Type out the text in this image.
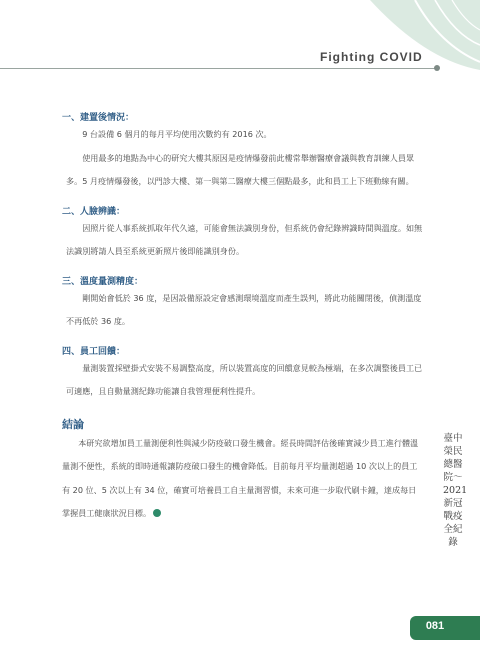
Fighting COVID

一、建置後情況：

9 台設備 6 個月的每月平均使用次數約有 2016 次。

使用最多的地點為中心的研究大樓其原因是疫情爆發前此樓常舉辦醫療會議與教育訓練人員眾多。5 月疫情爆發後，以門診大樓、第一與第二醫療大樓三個點最多，此和員工上下班動線有關。

二、人臉辨識：

因照片從人事系統抓取年代久遠，可能會無法識別身份，但系統仍會紀錄辨識時間與溫度。如無法識別將請人員至系統更新照片後即能識別身份。

三、溫度量測精度：

剛開始會低於 36 度，是因設備原設定會感測環境溫度而產生誤判，將此功能關閉後，偵測溫度不再低於 36 度。

四、員工回饋：

量測裝置採壁掛式安裝不易調整高度，所以裝置高度的回饋意見較為極端，在多次調整後員工已可適應，且自動量測紀錄功能讓自我管理便利性提升。

結論

本研究欲增加員工量測便利性與減少防疫破口發生機會。經長時間評估後確實減少員工進行體溫量測不便性，系統的即時通報讓防疫破口發生的機會降低。目前每月平均量測超過 10 次以上的員工有 20 位、5 次以上有 34 位，確實可培養員工自主量測習慣，未來可進一步取代刷卡鐘，達成每日掌握員工健康狀況目標。

臺中榮民總醫院～2021新冠戰疫全紀錄
081
